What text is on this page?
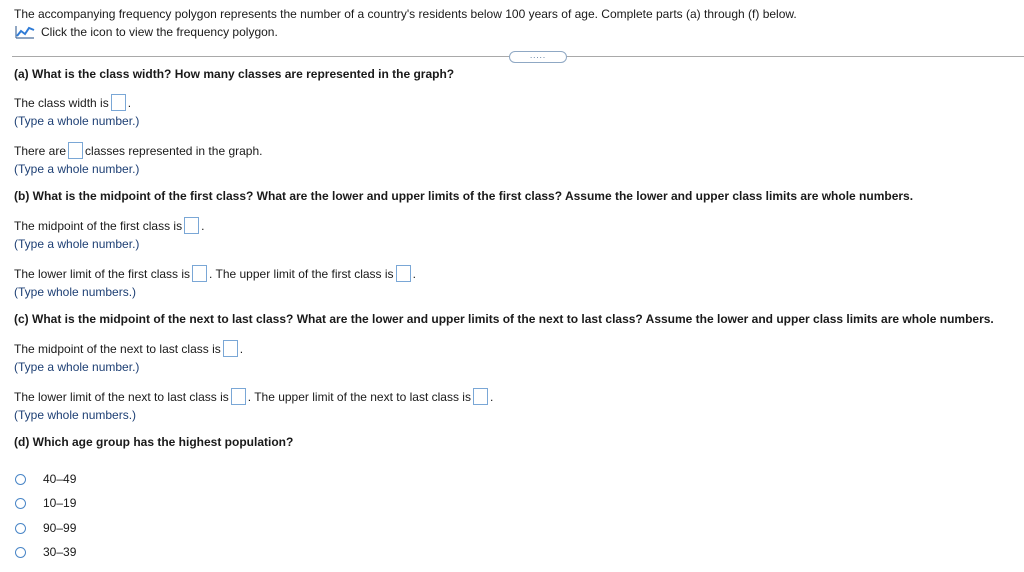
The accompanying frequency polygon represents the number of a country's residents below 100 years of age. Complete parts (a) through (f) below.
Click the icon to view the frequency polygon.
.....
(a) What is the class width? How many classes are represented in the graph?
The class width is .
(Type a whole number.)
There are classes represented in the graph.
(Type a whole number.)
(b) What is the midpoint of the first class? What are the lower and upper limits of the first class? Assume the lower and upper class limits are whole numbers.
The midpoint of the first class is .
(Type a whole number.)
The lower limit of the first class is . The upper limit of the first class is .
(Type whole numbers.)
(c) What is the midpoint of the next to last class? What are the lower and upper limits of the next to last class? Assume the lower and upper class limits are whole numbers.
The midpoint of the next to last class is .
(Type a whole number.)
The lower limit of the next to last class is . The upper limit of the next to last class is .
(Type whole numbers.)
(d) Which age group has the highest population?
40–49
10–19
90–99
30–39
